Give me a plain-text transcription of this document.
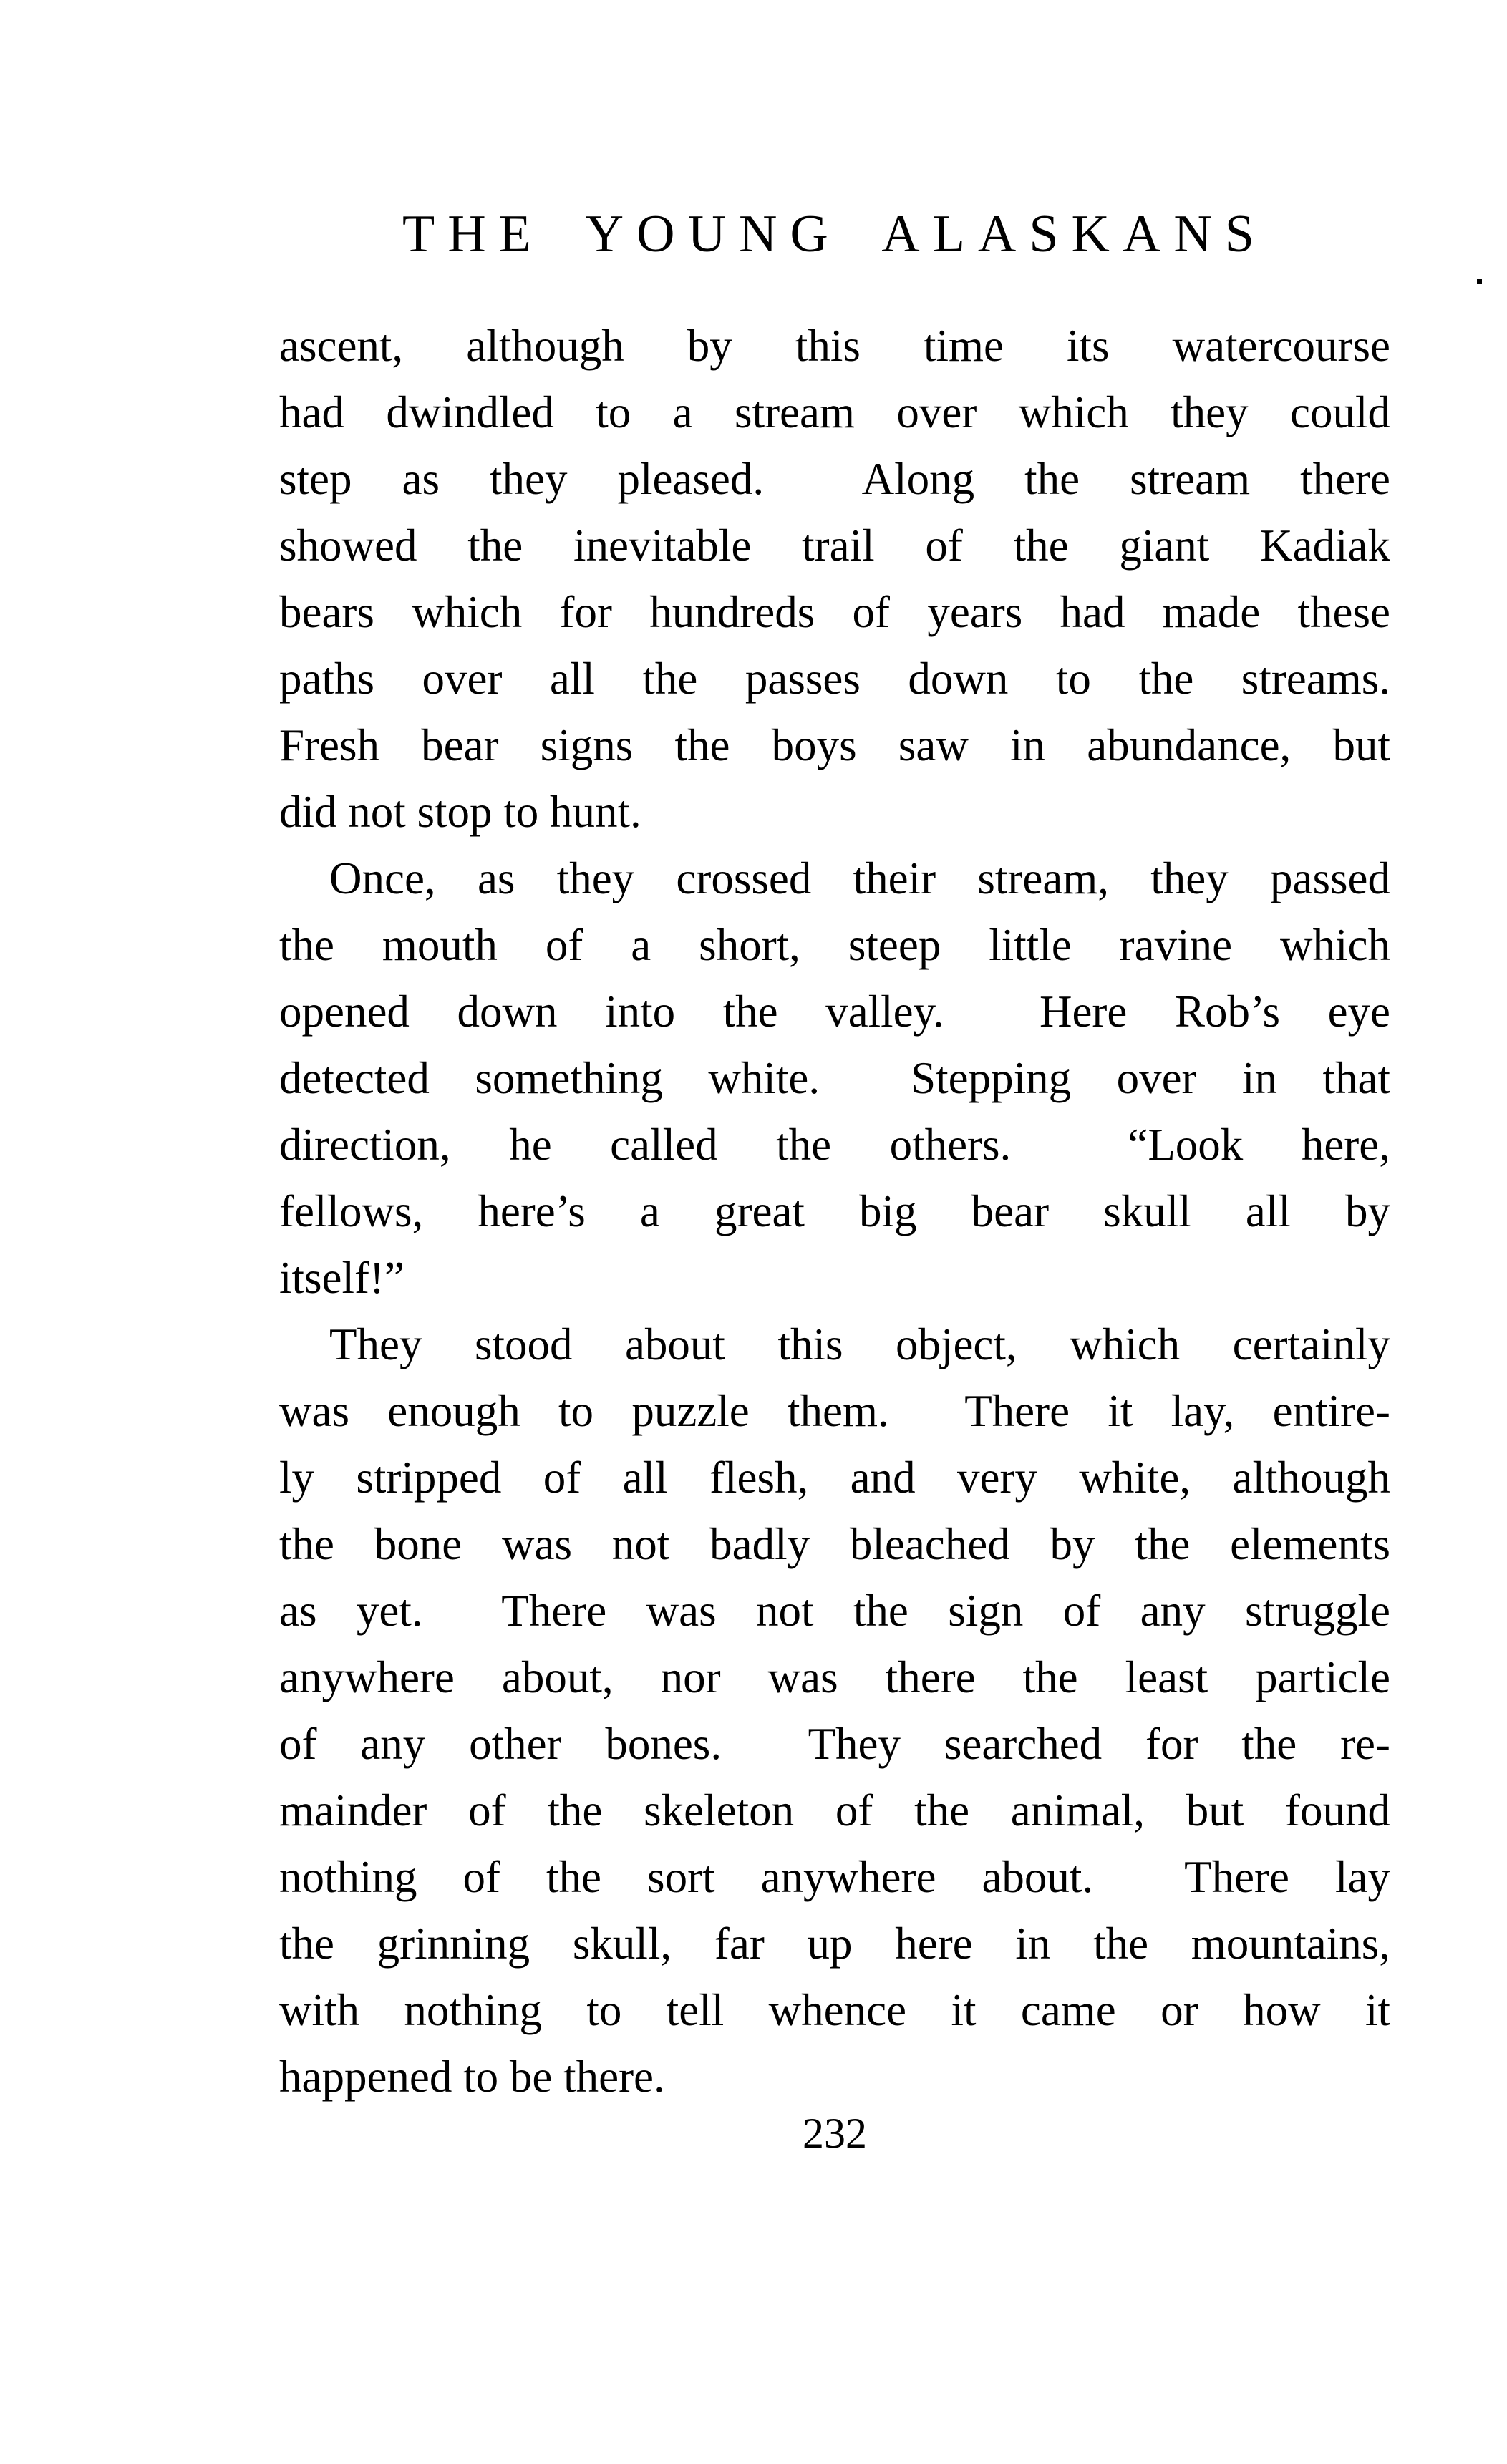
THE YOUNG ALASKANS

ascent, although by this time its watercourse
had dwindled to a stream over which they could
step as they pleased.  Along the stream there
showed the inevitable trail of the giant Kadiak
bears which for hundreds of years had made these
paths over all the passes down to the streams.
Fresh bear signs the boys saw in abundance, but
did not stop to hunt.

Once, as they crossed their stream, they passed
the mouth of a short, steep little ravine which
opened down into the valley.  Here Rob’s eye
detected something white.  Stepping over in that
direction, he called the others.  “Look here,
fellows, here’s a great big bear skull all by
itself!”

They stood about this object, which certainly
was enough to puzzle them.  There it lay, entire-
ly stripped of all flesh, and very white, although
the bone was not badly bleached by the elements
as yet.  There was not the sign of any struggle
anywhere about, nor was there the least particle
of any other bones.  They searched for the re-
mainder of the skeleton of the animal, but found
nothing of the sort anywhere about.  There lay
the grinning skull, far up here in the mountains,
with nothing to tell whence it came or how it
happened to be there.

232
